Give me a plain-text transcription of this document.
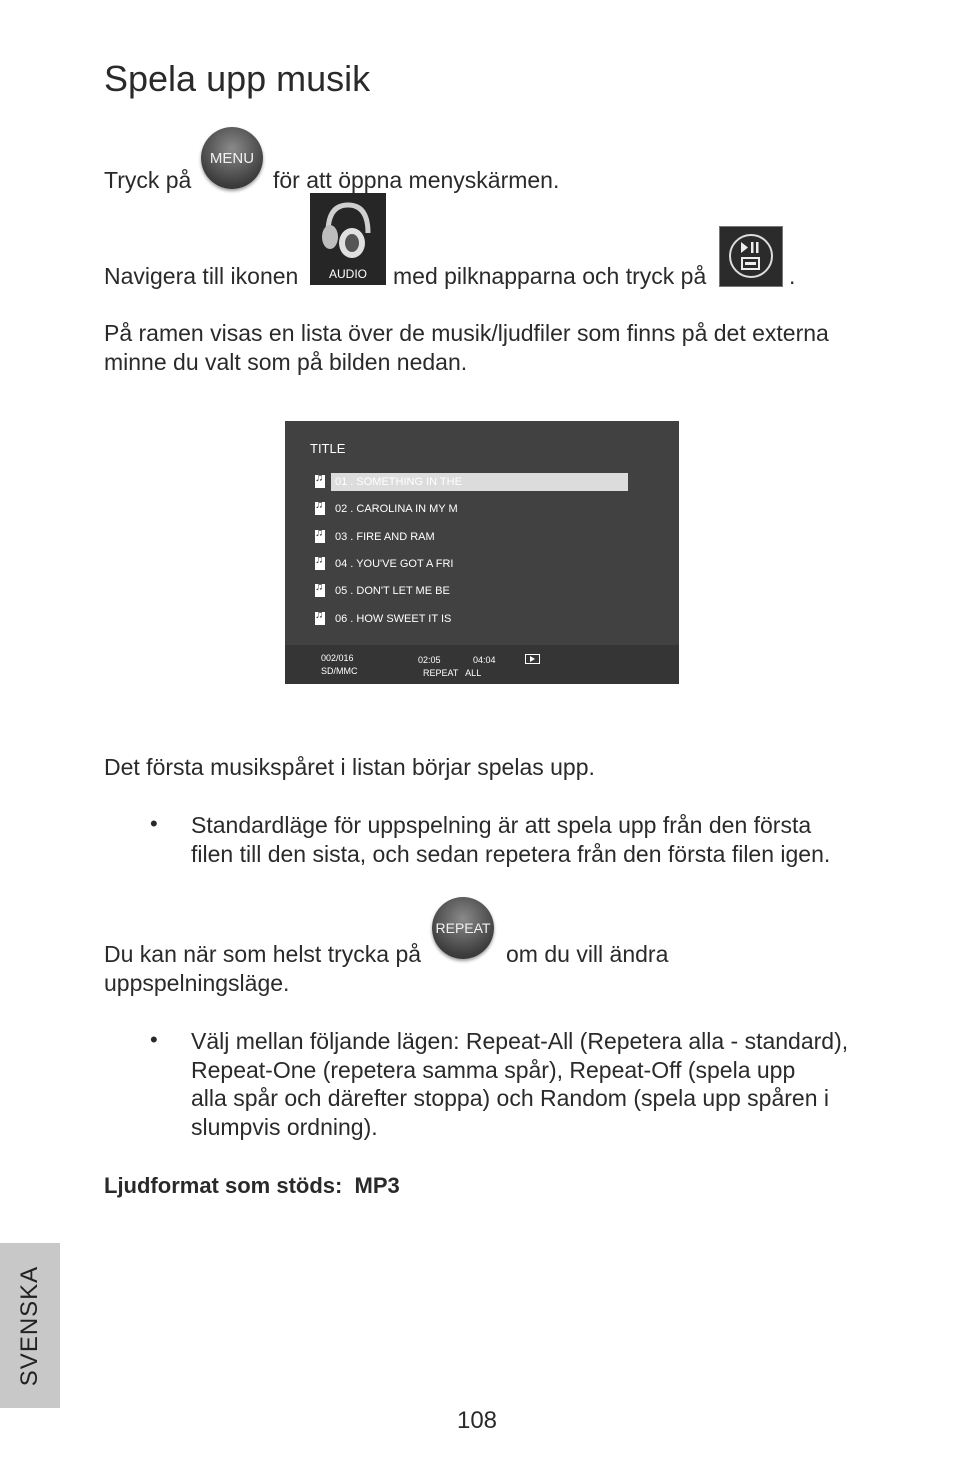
Spela upp musik
Tryck på
MENU
för att öppna menyskärmen.
Navigera till ikonen	AUDIO	med pilknapparna och tryck på	.
På ramen visas en lista över de musik/ljudfiler som finns på det externa
minne du valt som på bilden nedan.
TITLE
♫
01 . SOMETHING IN THE
♫
02 . CAROLINA IN MY M
♫
03 . FIRE AND RAM
♫
04 . YOU'VE GOT A FRI
♫
05 . DON'T LET ME BE
♫
06 . HOW SWEET IT IS
002/016
SD/MMC
02:05	04:04
REPEAT   ALL
Det första musikspåret i listan börjar spelas upp.
• Standardläge för uppspelning är att spela upp från den första
filen till den sista, och sedan repetera från den första filen igen.
Du kan när som helst trycka på
REPEAT
om du vill ändra
uppspelningsläge.
• Välj mellan följande lägen: Repeat-All (Repetera alla - standard),
Repeat-One (repetera samma spår), Repeat-Off (spela upp
alla spår och därefter stoppa) och Random (spela upp spåren i
slumpvis ordning).
Ljudformat som stöds:  MP3
SVENSKA
108
